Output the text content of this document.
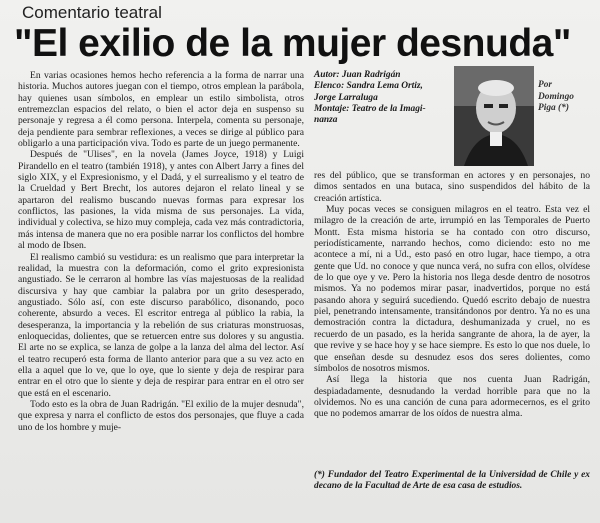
Comentario teatral
"El exilio de la mujer desnuda"

En varias ocasiones hemos hecho referencia a la forma de narrar una historia. Muchos autores juegan con el tiempo, otros emplean la parábola, hay quienes usan símbolos, en emplear un estilo simbolista, otros entremezclan espacios del relato, o bien el actor deja en suspenso su personaje y regresa a él como persona. Interpela, comenta su personaje, deja pendiente para sembrar reflexiones, a veces se dirige al público para obligarlo a una participación viva. Todo es parte de un juego permanente.

Después de "Ulises", en la novela (James Joyce, 1918) y Luigi Pirandello en el teatro (también 1918), y antes con Albert Jarry a fines del siglo XIX, y el Expresionismo, y el Dadá, y el surrealismo y el teatro de la Crueldad y Bert Brecht, los autores dejaron el relato lineal y se apartaron del realismo buscando nuevas formas para expresar los conflictos, las pasiones, la vida misma de sus personajes. La vida, individual y colectiva, se hizo muy compleja, cada vez más contradictoria, más intensa de manera que no era posible narrar los conflictos del hombre al modo de Ibsen.

El realismo cambió su vestidura: es un realismo que para interpretar la realidad, la muestra con la deformación, como el grito expresionista angustiado. Se le cerraron al hombre las vías majestuosas de la realidad discursiva y hay que cambiar la palabra por un grito desesperado, angustiado. Sólo así, con este discurso parabólico, disonando, poco coherente, absurdo a veces. El escritor entrega al público la rabia, la desesperanza, la importancia y la rebelión de sus criaturas monstruosas, enloquecidas, dolientes, que se retuercen entre sus dolores y su angustia. El arte no se explica, se lanza de golpe a la lanza del alma del lector. Así el teatro recuperó esta forma de llanto anterior para que a su vez acto en ella a aquel que lo ve, que lo oye, que lo siente y deja de respirar para entrar en el otro que lo siente y deja de respirar para entrar en el otro ser que está en el escenario.

Todo esto es la obra de Juan Radrigán. "El exilio de la mujer desnuda", que expresa y narra el conflicto de estos dos personajes, que fluye a cada uno de los hombre y muje-

Autor: Juan Radrigán
Elenco: Sandra Lema Ortiz,
Jorge Larraluga
Montaje: Teatro de la Imagi-
nanza
Por
Domingo
Piga (*)

res del público, que se transforman en actores y en personajes, no dimos sentados en una butaca, sino suspendidos del hábito de la creación artística.

Muy pocas veces se consiguen milagros en el teatro. Esta vez el milagro de la creación de arte, irrumpió en las Temporales de Puerto Montt. Esta misma historia se ha contado con otro discurso, periodísticamente, narrando hechos, como diciendo: esto no me acontece a mí, ni a Ud., esto pasó en otro lugar, hace tiempo, a otra gente que Ud. no conoce y que nunca verá, no sufra con ellos, olvídese de lo que oye y ve. Pero la historia nos llega desde dentro de nosotros mismos. Ya no podemos mirar pasar, inadvertidos, porque no está pasando ahora y seguirá sucediendo. Quedó escrito debajo de nuestra piel, penetrando intensamente, transitándonos por dentro. Ya no es una demostración contra la dictadura, deshumanizada y cruel, no es recuerdo de un pasado, es la herida sangrante de ahora, la de ayer, la que revive y se hace hoy y se hace siempre. Es esto lo que nos duele, lo que enseñan desde su desnudez esos dos seres dolientes, como símbolos de nosotros mismos.

Así llega la historia que nos cuenta Juan Radrigán, despiadadamente, desnudando la verdad horrible para que no la olvidemos. No es una canción de cuna para adormecernos, es el grito que no podemos amarrar de los oídos de nuestra alma.

(*) Fundador del Teatro Experimental de la Universidad de Chile y ex decano de la Facultad de Arte de esa casa de estudios.
